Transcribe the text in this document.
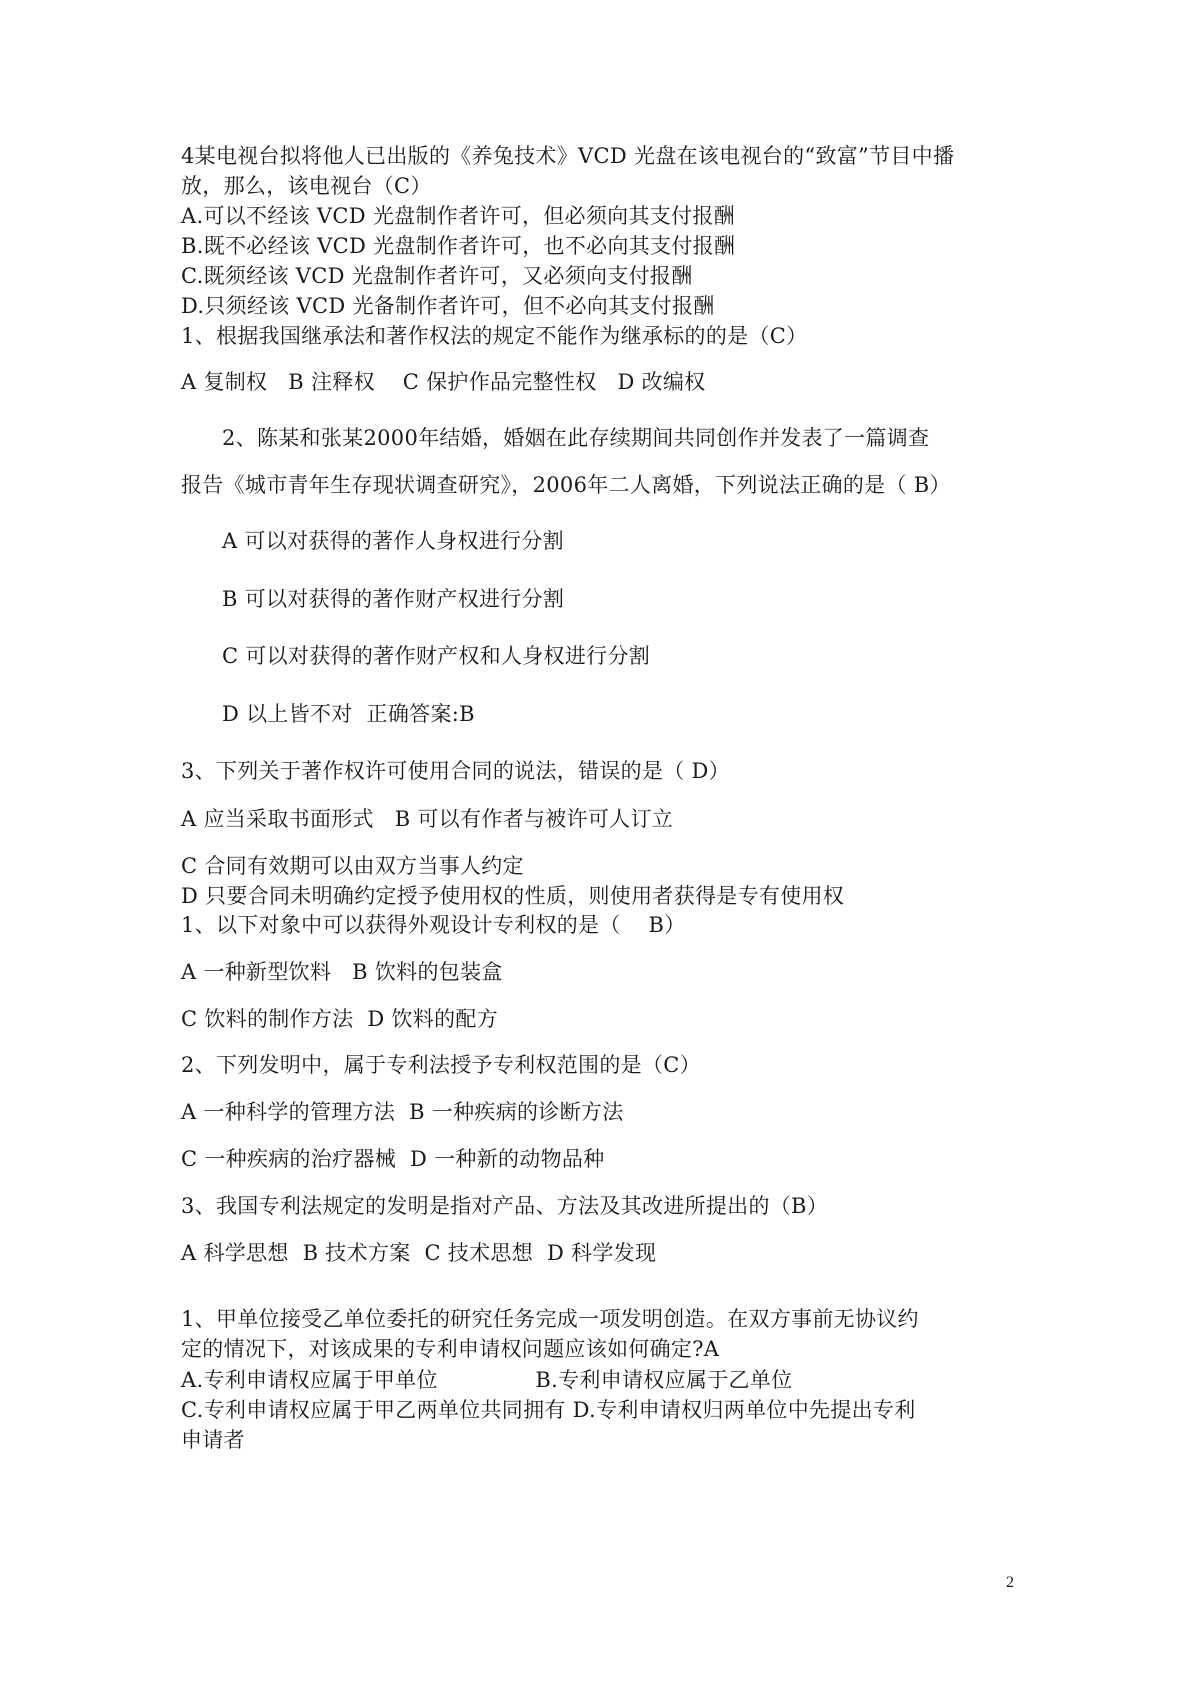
4某电视台拟将他人已出版的《养兔技术》VCD 光盘在该电视台的“致富”节目中播
放，那么，该电视台（C）
A.可以不经该 VCD 光盘制作者许可，但必须向其支付报酬
B.既不必经该 VCD 光盘制作者许可，也不必向其支付报酬
C.既须经该 VCD 光盘制作者许可，又必须向支付报酬
D.只须经该 VCD 光备制作者许可，但不必向其支付报酬
1、根据我国继承法和著作权法的规定不能作为继承标的的是（C）
A 复制权   B 注释权    C 保护作品完整性权   D 改编权
2、陈某和张某2000年结婚，婚姻在此存续期间共同创作并发表了一篇调查
报告《城市青年生存现状调查研究》，2006年二人离婚，下列说法正确的是（ B）
A 可以对获得的著作人身权进行分割
B 可以对获得的著作财产权进行分割
C 可以对获得的著作财产权和人身权进行分割
D 以上皆不对  正确答案:B
3、下列关于著作权许可使用合同的说法，错误的是（ D）
A 应当采取书面形式   B 可以有作者与被许可人订立
C 合同有效期可以由双方当事人约定
D 只要合同未明确约定授予使用权的性质，则使用者获得是专有使用权
1、以下对象中可以获得外观设计专利权的是（    B）
A 一种新型饮料   B 饮料的包装盒
C 饮料的制作方法  D 饮料的配方
2、下列发明中，属于专利法授予专利权范围的是（C）
A 一种科学的管理方法  B 一种疾病的诊断方法
C 一种疾病的治疗器械  D 一种新的动物品种
3、我国专利法规定的发明是指对产品、方法及其改进所提出的（B）
A 科学思想  B 技术方案  C 技术思想  D 科学发现
1、甲单位接受乙单位委托的研究任务完成一项发明创造。在双方事前无协议约
定的情况下，对该成果的专利申请权问题应该如何确定?A
A.专利申请权应属于甲单位              B.专利申请权应属于乙单位
C.专利申请权应属于甲乙两单位共同拥有 D.专利申请权归两单位中先提出专利
申请者
2
